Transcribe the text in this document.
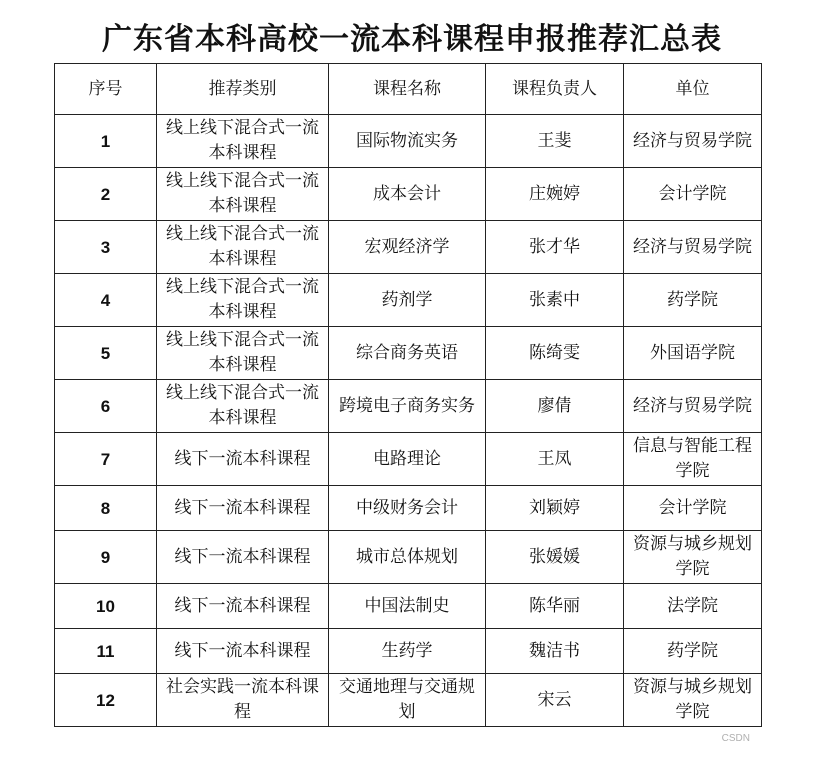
广东省本科高校一流本科课程申报推荐汇总表
序号	推荐类别	课程名称	课程负责人	单位
1	线上线下混合式一流本科课程	国际物流实务	王斐	经济与贸易学院
2	线上线下混合式一流本科课程	成本会计	庄婉婷	会计学院
3	线上线下混合式一流本科课程	宏观经济学	张才华	经济与贸易学院
4	线上线下混合式一流本科课程	药剂学	张素中	药学院
5	线上线下混合式一流本科课程	综合商务英语	陈绮雯	外国语学院
6	线上线下混合式一流本科课程	跨境电子商务实务	廖倩	经济与贸易学院
7	线下一流本科课程	电路理论	王凤	信息与智能工程学院
8	线下一流本科课程	中级财务会计	刘颖婷	会计学院
9	线下一流本科课程	城市总体规划	张媛媛	资源与城乡规划学院
10	线下一流本科课程	中国法制史	陈华丽	法学院
11	线下一流本科课程	生药学	魏洁书	药学院
12	社会实践一流本科课程	交通地理与交通规划	宋云	资源与城乡规划学院
CSDN
